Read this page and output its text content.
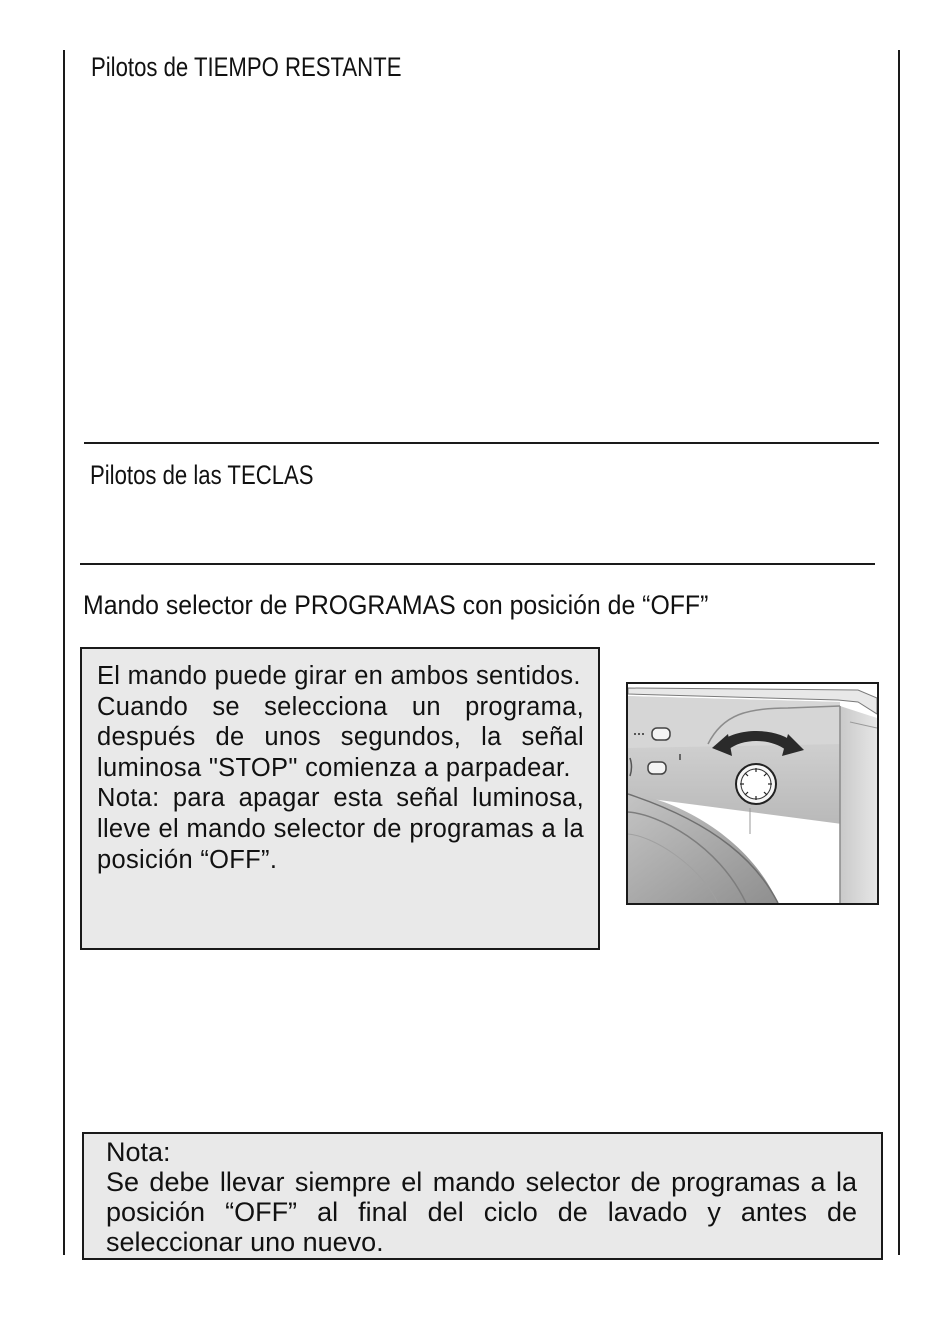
Pilotos de TIEMPO RESTANTE
Pilotos de las TECLAS
Mando selector de PROGRAMAS con posición de “OFF”

El mando puede girar en ambos sentidos.

Cuando se selecciona un programa, después de unos segundos, la señal luminosa "STOP" comienza a parpadear.

Nota: para apagar esta señal luminosa, lleve el mando selector de programas a la posición “OFF”.

Nota:

Se debe llevar siempre el mando selector de programas a la posición “OFF” al final del ciclo de lavado y antes de seleccionar uno nuevo.
